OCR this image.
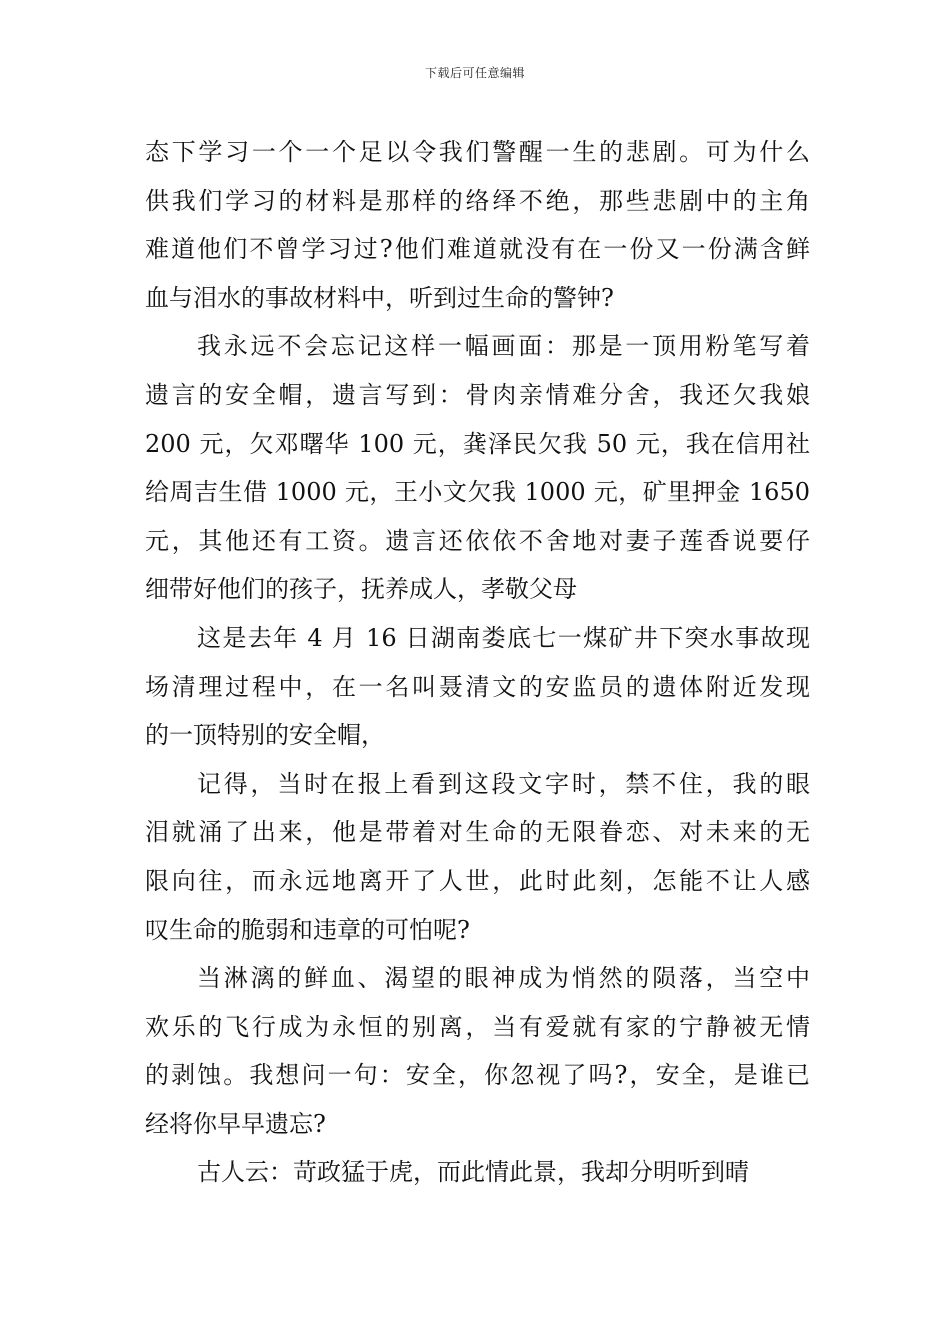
下载后可任意编辑
态下学习一个一个足以令我们警醒一生的悲剧。可为什么
供我们学习的材料是那样的络绎不绝，那些悲剧中的主角
难道他们不曾学习过?他们难道就没有在一份又一份满含鲜
血与泪水的事故材料中，听到过生命的警钟?
我永远不会忘记这样一幅画面：那是一顶用粉笔写着
遗言的安全帽，遗言写到：骨肉亲情难分舍，我还欠我娘
200 元，欠邓曙华 100 元，龚泽民欠我 50 元，我在信用社
给周吉生借 1000 元，王小文欠我 1000 元，矿里押金 1650
元，其他还有工资。遗言还依依不舍地对妻子莲香说要仔
细带好他们的孩子，抚养成人，孝敬父母
这是去年 4 月 16 日湖南娄底七一煤矿井下突水事故现
场清理过程中，在一名叫聂清文的安监员的遗体附近发现
的一顶特别的安全帽，
记得，当时在报上看到这段文字时，禁不住，我的眼
泪就涌了出来，他是带着对生命的无限眷恋、对未来的无
限向往，而永远地离开了人世，此时此刻，怎能不让人感
叹生命的脆弱和违章的可怕呢?
当淋漓的鲜血、渴望的眼神成为悄然的陨落，当空中
欢乐的飞行成为永恒的别离，当有爱就有家的宁静被无情
的剥蚀。我想问一句：安全，你忽视了吗?，安全，是谁已
经将你早早遗忘?
古人云：苛政猛于虎，而此情此景，我却分明听到晴
